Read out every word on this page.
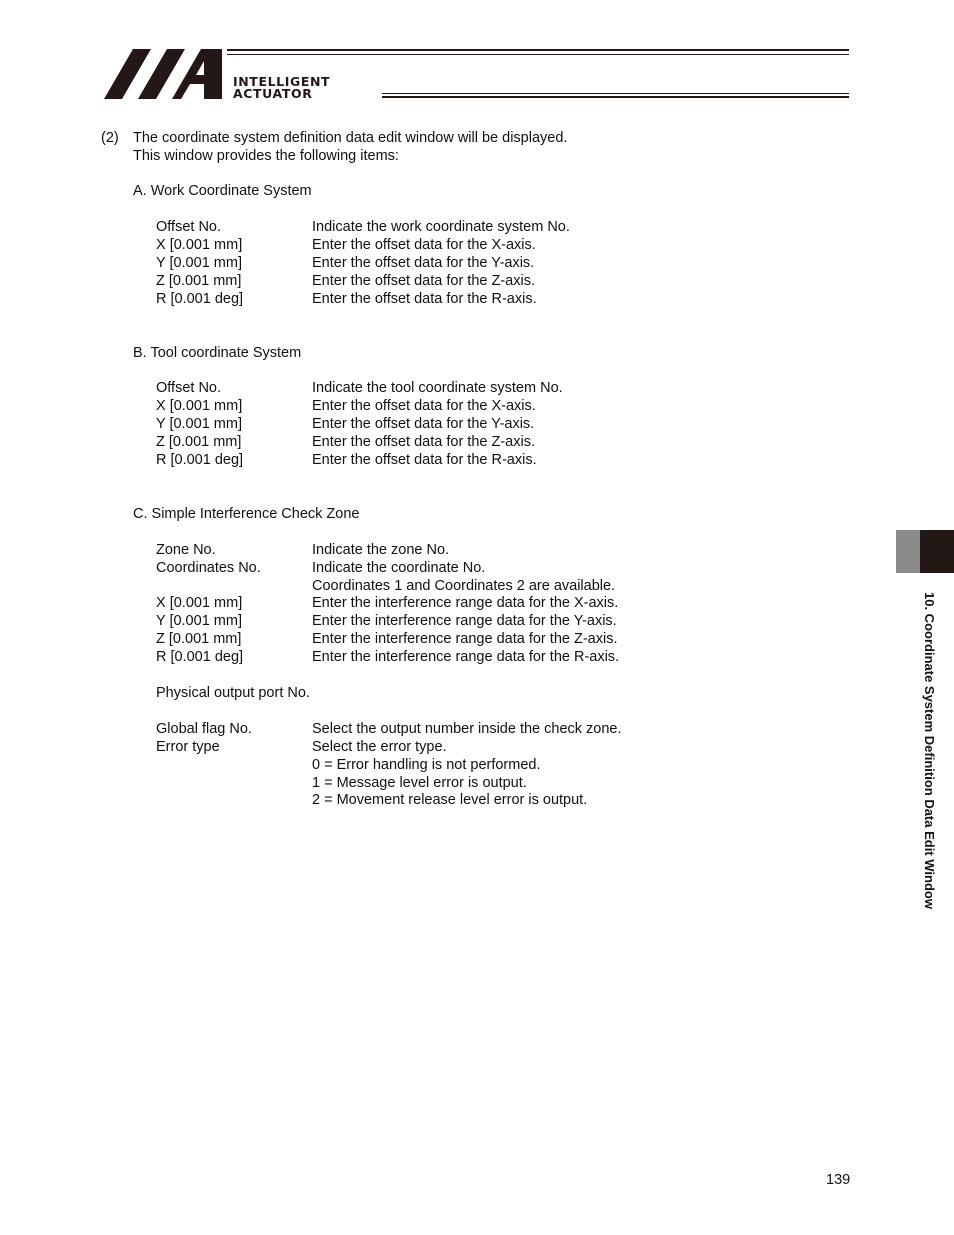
INTELLIGENT
ACTUATOR
(2) The coordinate system definition data edit window will be displayed.
This window provides the following items:
A. Work Coordinate System
Offset No.	Indicate the work coordinate system No.
X [0.001 mm]	Enter the offset data for the X-axis.
Y [0.001 mm]	Enter the offset data for the Y-axis.
Z [0.001 mm]	Enter the offset data for the Z-axis.
R [0.001 deg]	Enter the offset data for the R-axis.
B. Tool coordinate System
Offset No.	Indicate the tool coordinate system No.
X [0.001 mm]	Enter the offset data for the X-axis.
Y [0.001 mm]	Enter the offset data for the Y-axis.
Z [0.001 mm]	Enter the offset data for the Z-axis.
R [0.001 deg]	Enter the offset data for the R-axis.
C. Simple Interference Check Zone
Zone No.	Indicate the zone No.
Coordinates No.	Indicate the coordinate No.
Coordinates 1 and Coordinates 2 are available.
X [0.001 mm]	Enter the interference range data for the X-axis.
Y [0.001 mm]	Enter the interference range data for the Y-axis.
Z [0.001 mm]	Enter the interference range data for the Z-axis.
R [0.001 deg]	Enter the interference range data for the R-axis.
Physical output port No.
Global flag No.	Select the output number inside the check zone.
Error type	Select the error type.
0 = Error handling is not performed.
1 = Message level error is output.
2 = Movement release level error is output.	10. Coordinate System Definition Data Edit Window
139
